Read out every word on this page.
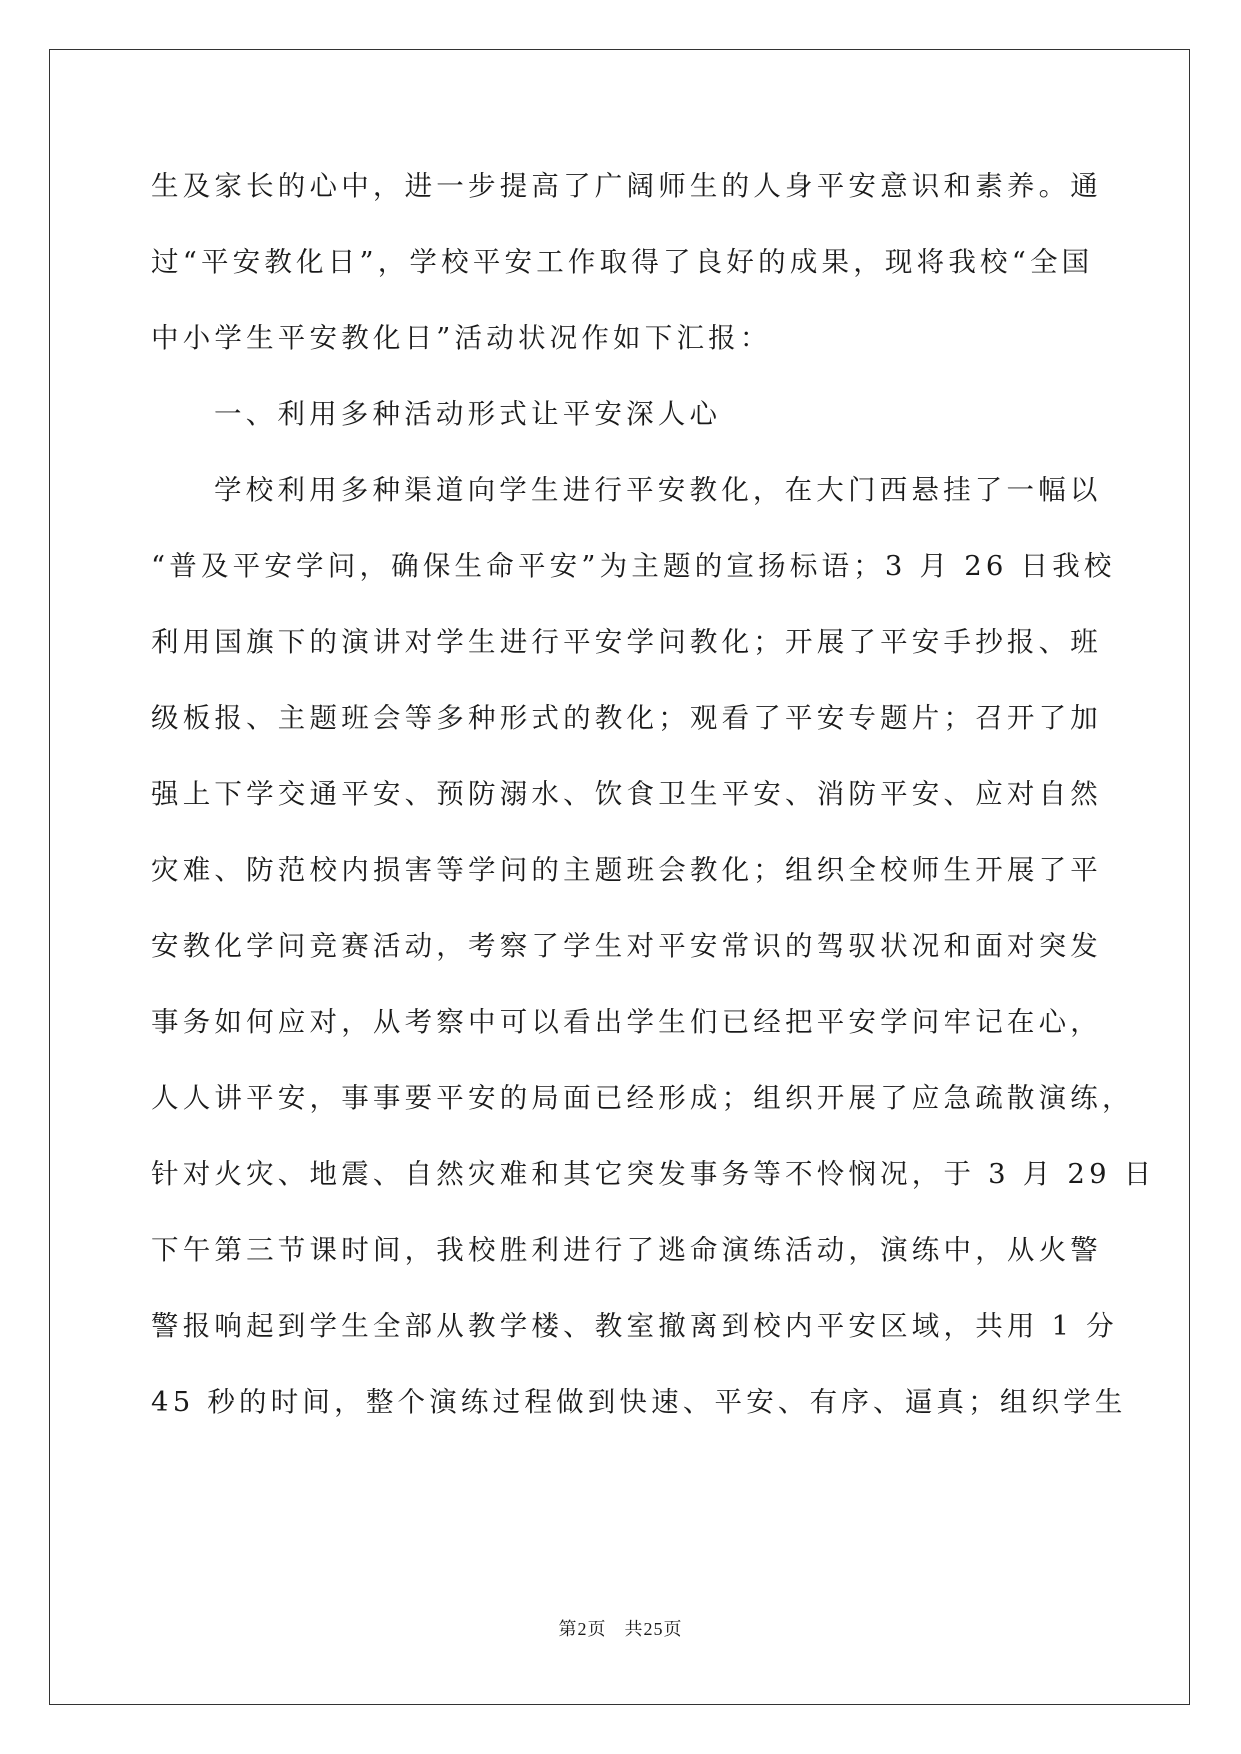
生及家长的心中，进一步提高了广阔师生的人身平安意识和素养。通
过“平安教化日”，学校平安工作取得了良好的成果，现将我校“全国
中小学生平安教化日”活动状况作如下汇报：
一、利用多种活动形式让平安深人心
学校利用多种渠道向学生进行平安教化，在大门西悬挂了一幅以
“普及平安学问，确保生命平安”为主题的宣扬标语；3 月 26 日我校
利用国旗下的演讲对学生进行平安学问教化；开展了平安手抄报、班
级板报、主题班会等多种形式的教化；观看了平安专题片；召开了加
强上下学交通平安、预防溺水、饮食卫生平安、消防平安、应对自然
灾难、防范校内损害等学问的主题班会教化；组织全校师生开展了平
安教化学问竞赛活动，考察了学生对平安常识的驾驭状况和面对突发
事务如何应对，从考察中可以看出学生们已经把平安学问牢记在心，
人人讲平安，事事要平安的局面已经形成；组织开展了应急疏散演练，
针对火灾、地震、自然灾难和其它突发事务等不怜悯况，于 3 月 29 日
下午第三节课时间，我校胜利进行了逃命演练活动，演练中，从火警
警报响起到学生全部从教学楼、教室撤离到校内平安区域，共用 1 分
45 秒的时间，整个演练过程做到快速、平安、有序、逼真；组织学生
第2页 共25页
